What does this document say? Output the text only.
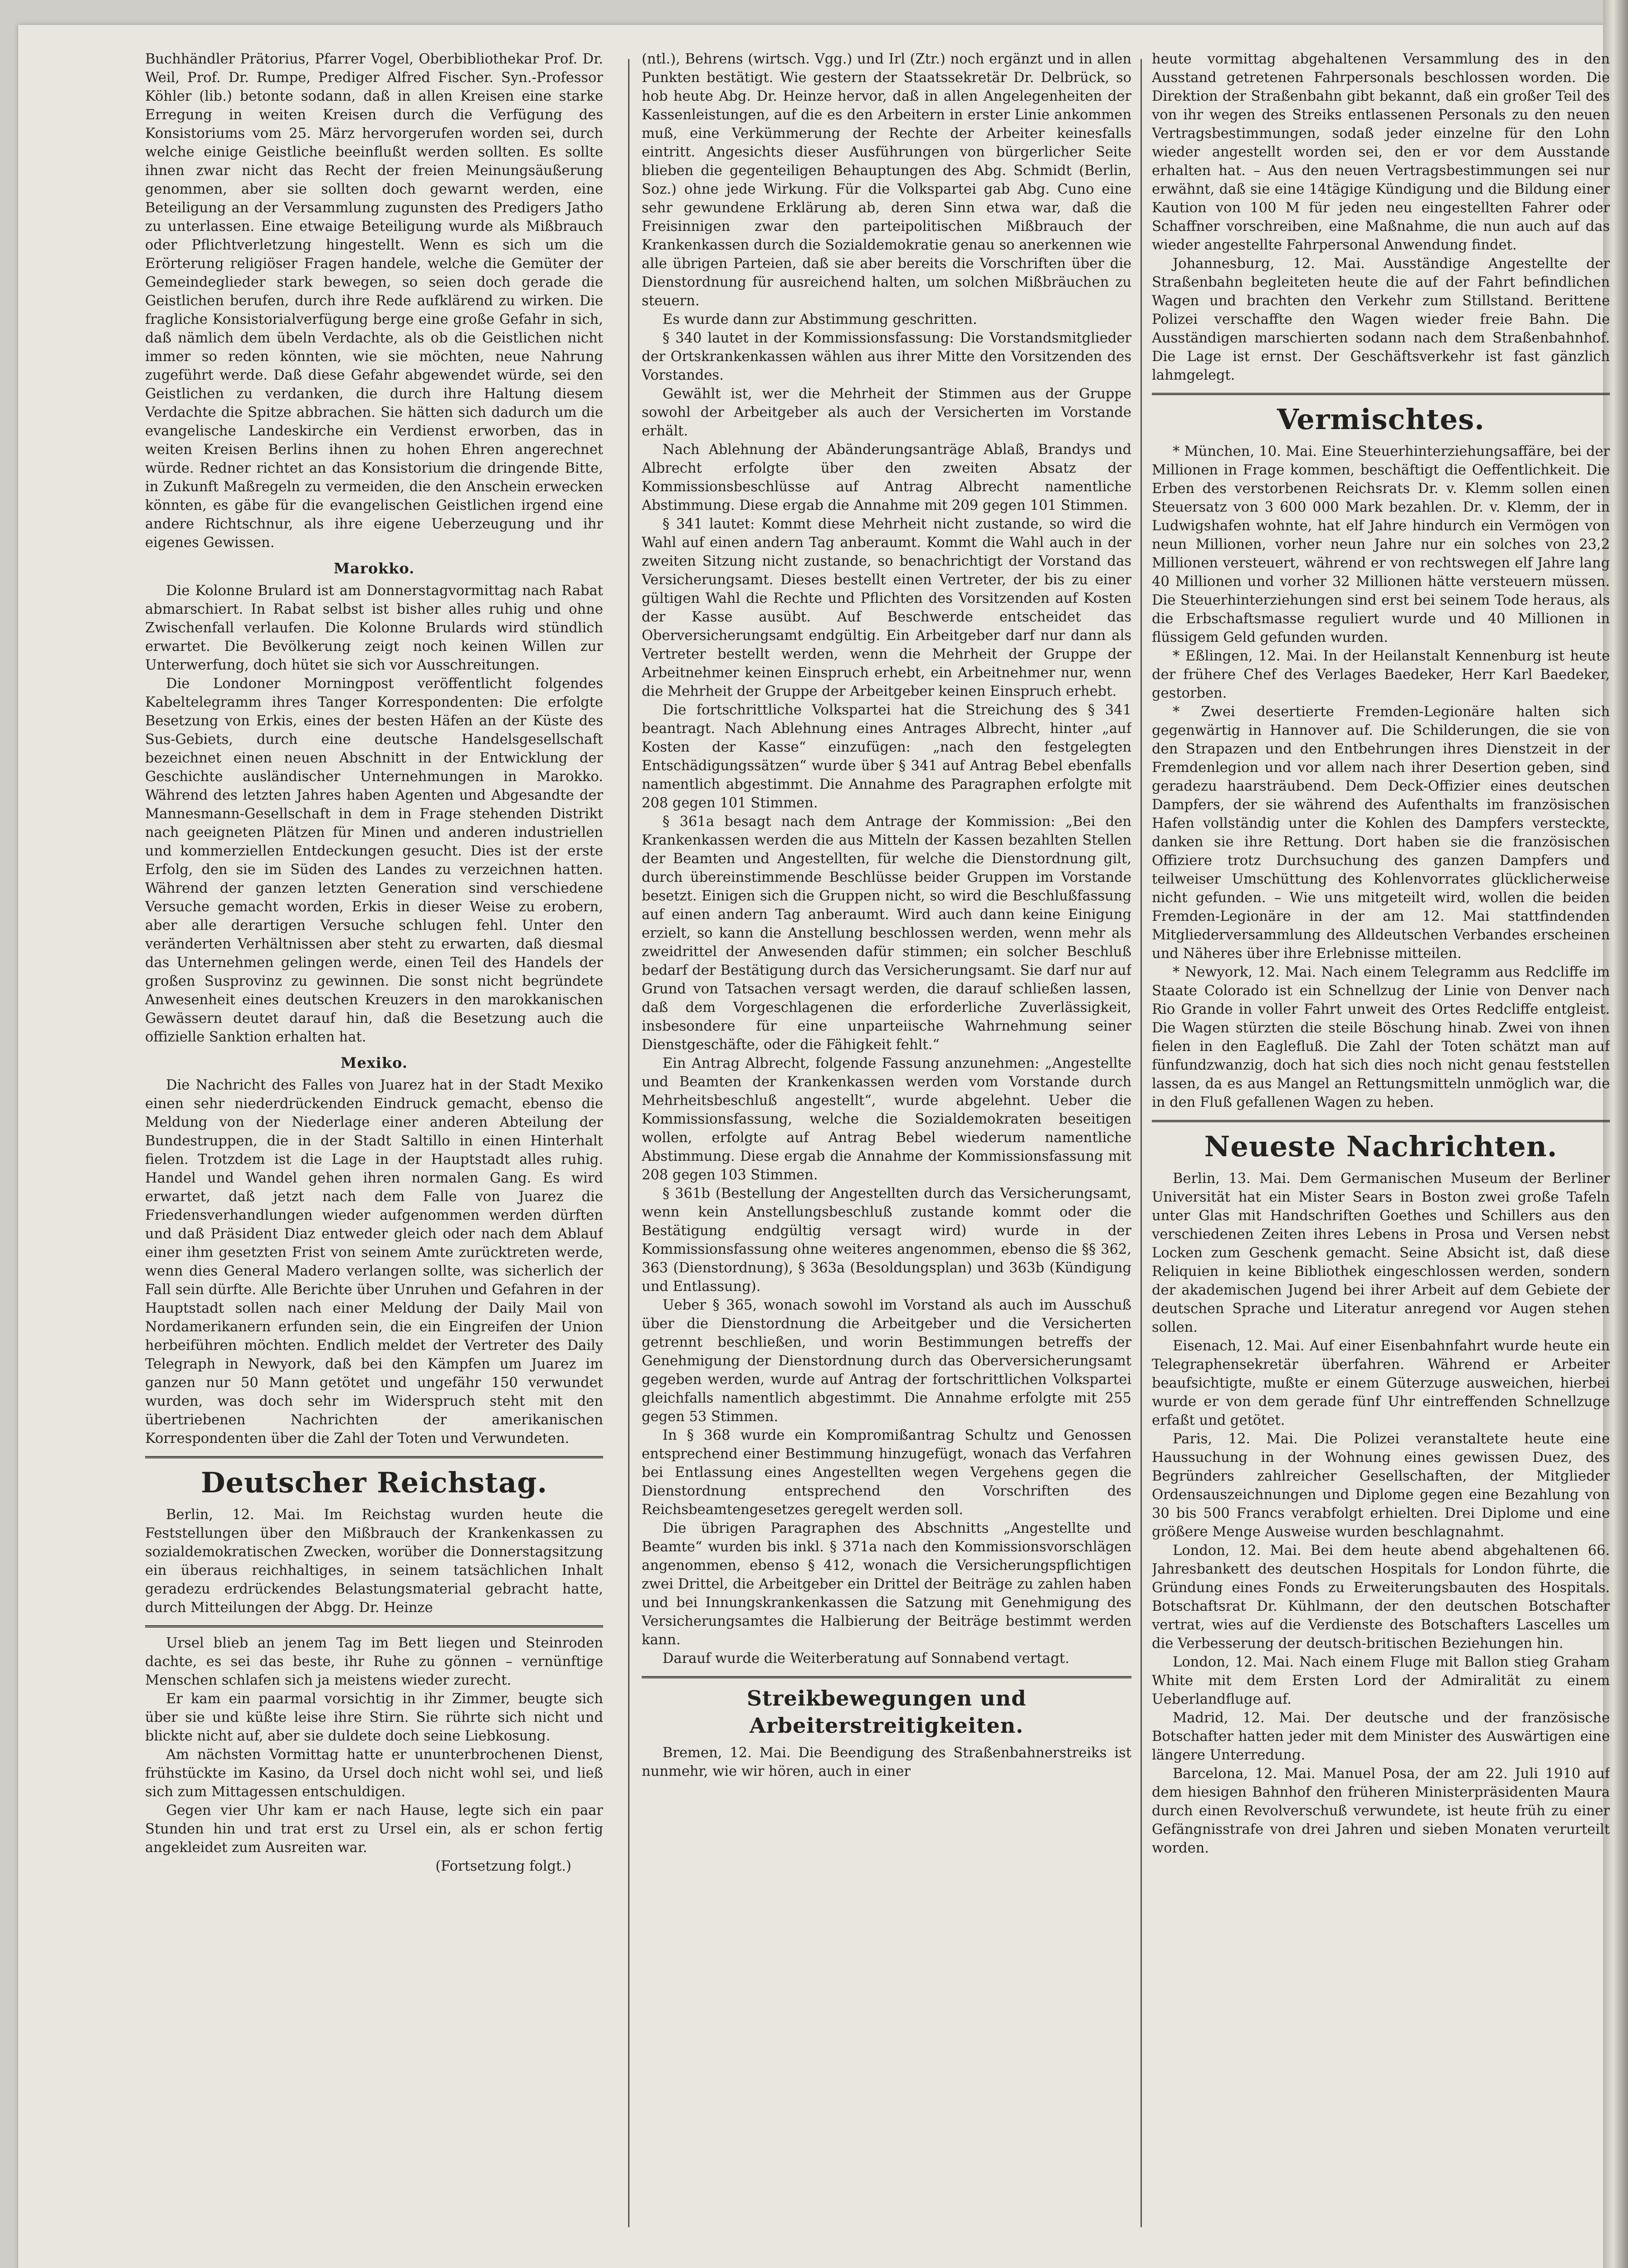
Buchhändler Prätorius, Pfarrer Vogel, Oberbibliothekar Prof. Dr. Weil, Prof. Dr. Rumpe, Prediger Alfred Fischer. Syn.-Professor Köhler (lib.) betonte sodann, daß in allen Kreisen eine starke Erregung in weiten Kreisen durch die Verfügung des Konsistoriums vom 25. März hervorgerufen worden sei, durch welche einige Geistliche beeinflußt werden sollten. Es sollte ihnen zwar nicht das Recht der freien Meinungsäußerung genommen, aber sie sollten doch gewarnt werden, eine Beteiligung an der Versammlung zugunsten des Predigers Jatho zu unterlassen. Eine etwaige Beteiligung wurde als Mißbrauch oder Pflichtverletzung hingestellt. Wenn es sich um die Erörterung religiöser Fragen handele, welche die Gemüter der Gemeindeglieder stark bewegen, so seien doch gerade die Geistlichen berufen, durch ihre Rede aufklärend zu wirken. Die fragliche Konsistorialverfügung berge eine große Gefahr in sich, daß nämlich dem übeln Verdachte, als ob die Geistlichen nicht immer so reden könnten, wie sie möchten, neue Nahrung zugeführt werde. Daß diese Gefahr abgewendet würde, sei den Geistlichen zu verdanken, die durch ihre Haltung diesem Verdachte die Spitze abbrachen. Sie hätten sich dadurch um die evangelische Landeskirche ein Verdienst erworben, das in weiten Kreisen Berlins ihnen zu hohen Ehren angerechnet würde. Redner richtet an das Konsistorium die dringende Bitte, in Zukunft Maßregeln zu vermeiden, die den Anschein erwecken könnten, es gäbe für die evangelischen Geistlichen irgend eine andere Richtschnur, als ihre eigene Ueberzeugung und ihr eigenes Gewissen.

Marokko.

Die Kolonne Brulard ist am Donnerstagvormittag nach Rabat abmarschiert. In Rabat selbst ist bisher alles ruhig und ohne Zwischenfall verlaufen. Die Kolonne Brulards wird stündlich erwartet. Die Bevölkerung zeigt noch keinen Willen zur Unterwerfung, doch hütet sie sich vor Ausschreitungen.

Die Londoner Morningpost veröffentlicht folgendes Kabeltelegramm ihres Tanger Korrespondenten: Die erfolgte Besetzung von Erkis, eines der besten Häfen an der Küste des Sus-Gebiets, durch eine deutsche Handelsgesellschaft bezeichnet einen neuen Abschnitt in der Entwicklung der Geschichte ausländischer Unternehmungen in Marokko. Während des letzten Jahres haben Agenten und Abgesandte der Mannesmann-Gesellschaft in dem in Frage stehenden Distrikt nach geeigneten Plätzen für Minen und anderen industriellen und kommerziellen Entdeckungen gesucht. Dies ist der erste Erfolg, den sie im Süden des Landes zu verzeichnen hatten. Während der ganzen letzten Generation sind verschiedene Versuche gemacht worden, Erkis in dieser Weise zu erobern, aber alle derartigen Versuche schlugen fehl. Unter den veränderten Verhältnissen aber steht zu erwarten, daß diesmal das Unternehmen gelingen werde, einen Teil des Handels der großen Susprovinz zu gewinnen. Die sonst nicht begründete Anwesenheit eines deutschen Kreuzers in den marokkanischen Gewässern deutet darauf hin, daß die Besetzung auch die offizielle Sanktion erhalten hat.

Mexiko.

Die Nachricht des Falles von Juarez hat in der Stadt Mexiko einen sehr niederdrückenden Eindruck gemacht, ebenso die Meldung von der Niederlage einer anderen Abteilung der Bundestruppen, die in der Stadt Saltillo in einen Hinterhalt fielen. Trotzdem ist die Lage in der Hauptstadt alles ruhig. Handel und Wandel gehen ihren normalen Gang. Es wird erwartet, daß jetzt nach dem Falle von Juarez die Friedensverhandlungen wieder aufgenommen werden dürften und daß Präsident Diaz entweder gleich oder nach dem Ablauf einer ihm gesetzten Frist von seinem Amte zurücktreten werde, wenn dies General Madero verlangen sollte, was sicherlich der Fall sein dürfte. Alle Berichte über Unruhen und Gefahren in der Hauptstadt sollen nach einer Meldung der Daily Mail von Nordamerikanern erfunden sein, die ein Eingreifen der Union herbeiführen möchten. Endlich meldet der Vertreter des Daily Telegraph in Newyork, daß bei den Kämpfen um Juarez im ganzen nur 50 Mann getötet und ungefähr 150 verwundet wurden, was doch sehr im Widerspruch steht mit den übertriebenen Nachrichten der amerikanischen Korrespondenten über die Zahl der Toten und Verwundeten.

Deutscher Reichstag.

Berlin, 12. Mai. Im Reichstag wurden heute die Feststellungen über den Mißbrauch der Krankenkassen zu sozialdemokratischen Zwecken, worüber die Donnerstagsitzung ein überaus reichhaltiges, in seinem tatsächlichen Inhalt geradezu erdrückendes Belastungsmaterial gebracht hatte, durch Mitteilungen der Abgg. Dr. Heinze

Ursel blieb an jenem Tag im Bett liegen und Steinroden dachte, es sei das beste, ihr Ruhe zu gönnen – vernünftige Menschen schlafen sich ja meistens wieder zurecht.

Er kam ein paarmal vorsichtig in ihr Zimmer, beugte sich über sie und küßte leise ihre Stirn. Sie rührte sich nicht und blickte nicht auf, aber sie duldete doch seine Liebkosung.

Am nächsten Vormittag hatte er ununterbrochenen Dienst, frühstückte im Kasino, da Ursel doch nicht wohl sei, und ließ sich zum Mittagessen entschuldigen.

Gegen vier Uhr kam er nach Hause, legte sich ein paar Stunden hin und trat erst zu Ursel ein, als er schon fertig angekleidet zum Ausreiten war.

(Fortsetzung folgt.)

(ntl.), Behrens (wirtsch. Vgg.) und Irl (Ztr.) noch ergänzt und in allen Punkten bestätigt. Wie gestern der Staatssekretär Dr. Delbrück, so hob heute Abg. Dr. Heinze hervor, daß in allen Angelegenheiten der Kassenleistungen, auf die es den Arbeitern in erster Linie ankommen muß, eine Verkümmerung der Rechte der Arbeiter keinesfalls eintritt. Angesichts dieser Ausführungen von bürgerlicher Seite blieben die gegenteiligen Behauptungen des Abg. Schmidt (Berlin, Soz.) ohne jede Wirkung. Für die Volkspartei gab Abg. Cuno eine sehr gewundene Erklärung ab, deren Sinn etwa war, daß die Freisinnigen zwar den parteipolitischen Mißbrauch der Krankenkassen durch die Sozialdemokratie genau so anerkennen wie alle übrigen Parteien, daß sie aber bereits die Vorschriften über die Dienstordnung für ausreichend halten, um solchen Mißbräuchen zu steuern.

Es wurde dann zur Abstimmung geschritten.

§ 340 lautet in der Kommissionsfassung: Die Vorstandsmitglieder der Ortskrankenkassen wählen aus ihrer Mitte den Vorsitzenden des Vorstandes.

Gewählt ist, wer die Mehrheit der Stimmen aus der Gruppe sowohl der Arbeitgeber als auch der Versicherten im Vorstande erhält.

Nach Ablehnung der Abänderungsanträge Ablaß, Brandys und Albrecht erfolgte über den zweiten Absatz der Kommissionsbeschlüsse auf Antrag Albrecht namentliche Abstimmung. Diese ergab die Annahme mit 209 gegen 101 Stimmen.

§ 341 lautet: Kommt diese Mehrheit nicht zustande, so wird die Wahl auf einen andern Tag anberaumt. Kommt die Wahl auch in der zweiten Sitzung nicht zustande, so benachrichtigt der Vorstand das Versicherungsamt. Dieses bestellt einen Vertreter, der bis zu einer gültigen Wahl die Rechte und Pflichten des Vorsitzenden auf Kosten der Kasse ausübt. Auf Beschwerde entscheidet das Oberversicherungsamt endgültig. Ein Arbeitgeber darf nur dann als Vertreter bestellt werden, wenn die Mehrheit der Gruppe der Arbeitnehmer keinen Einspruch erhebt, ein Arbeitnehmer nur, wenn die Mehrheit der Gruppe der Arbeitgeber keinen Einspruch erhebt.

Die fortschrittliche Volkspartei hat die Streichung des § 341 beantragt. Nach Ablehnung eines Antrages Albrecht, hinter „auf Kosten der Kasse“ einzufügen: „nach den festgelegten Entschädigungssätzen“ wurde über § 341 auf Antrag Bebel ebenfalls namentlich abgestimmt. Die Annahme des Paragraphen erfolgte mit 208 gegen 101 Stimmen.

§ 361a besagt nach dem Antrage der Kommission: „Bei den Krankenkassen werden die aus Mitteln der Kassen bezahlten Stellen der Beamten und Angestellten, für welche die Dienstordnung gilt, durch übereinstimmende Beschlüsse beider Gruppen im Vorstande besetzt. Einigen sich die Gruppen nicht, so wird die Beschlußfassung auf einen andern Tag anberaumt. Wird auch dann keine Einigung erzielt, so kann die Anstellung beschlossen werden, wenn mehr als zweidrittel der Anwesenden dafür stimmen; ein solcher Beschluß bedarf der Bestätigung durch das Versicherungsamt. Sie darf nur auf Grund von Tatsachen versagt werden, die darauf schließen lassen, daß dem Vorgeschlagenen die erforderliche Zuverlässigkeit, insbesondere für eine unparteiische Wahrnehmung seiner Dienstgeschäfte, oder die Fähigkeit fehlt.“

Ein Antrag Albrecht, folgende Fassung anzunehmen: „Angestellte und Beamten der Krankenkassen werden vom Vorstande durch Mehrheitsbeschluß angestellt“, wurde abgelehnt. Ueber die Kommissionsfassung, welche die Sozialdemokraten beseitigen wollen, erfolgte auf Antrag Bebel wiederum namentliche Abstimmung. Diese ergab die Annahme der Kommissionsfassung mit 208 gegen 103 Stimmen.

§ 361b (Bestellung der Angestellten durch das Versicherungsamt, wenn kein Anstellungsbeschluß zustande kommt oder die Bestätigung endgültig versagt wird) wurde in der Kommissionsfassung ohne weiteres angenommen, ebenso die §§ 362, 363 (Dienstordnung), § 363a (Besoldungsplan) und 363b (Kündigung und Entlassung).

Ueber § 365, wonach sowohl im Vorstand als auch im Ausschuß über die Dienstordnung die Arbeitgeber und die Versicherten getrennt beschließen, und worin Bestimmungen betreffs der Genehmigung der Dienstordnung durch das Oberversicherungsamt gegeben werden, wurde auf Antrag der fortschrittlichen Volkspartei gleichfalls namentlich abgestimmt. Die Annahme erfolgte mit 255 gegen 53 Stimmen.

In § 368 wurde ein Kompromißantrag Schultz und Genossen entsprechend einer Bestimmung hinzugefügt, wonach das Verfahren bei Entlassung eines Angestellten wegen Vergehens gegen die Dienstordnung entsprechend den Vorschriften des Reichsbeamtengesetzes geregelt werden soll.

Die übrigen Paragraphen des Abschnitts „Angestellte und Beamte“ wurden bis inkl. § 371a nach den Kommissionsvorschlägen angenommen, ebenso § 412, wonach die Versicherungspflichtigen zwei Drittel, die Arbeitgeber ein Drittel der Beiträge zu zahlen haben und bei Innungskrankenkassen die Satzung mit Genehmigung des Versicherungsamtes die Halbierung der Beiträge bestimmt werden kann.

Darauf wurde die Weiterberatung auf Sonnabend vertagt.

Streikbewegungen und Arbeiterstreitigkeiten.

Bremen, 12. Mai. Die Beendigung des Straßenbahnerstreiks ist nunmehr, wie wir hören, auch in einer

heute vormittag abgehaltenen Versammlung des in den Ausstand getretenen Fahrpersonals beschlossen worden. Die Direktion der Straßenbahn gibt bekannt, daß ein großer Teil des von ihr wegen des Streiks entlassenen Personals zu den neuen Vertragsbestimmungen, sodaß jeder einzelne für den Lohn wieder angestellt worden sei, den er vor dem Ausstande erhalten hat. – Aus den neuen Vertragsbestimmungen sei nur erwähnt, daß sie eine 14tägige Kündigung und die Bildung einer Kaution von 100 M für jeden neu eingestellten Fahrer oder Schaffner vorschreiben, eine Maßnahme, die nun auch auf das wieder angestellte Fahrpersonal Anwendung findet.

Johannesburg, 12. Mai. Ausständige Angestellte der Straßenbahn begleiteten heute die auf der Fahrt befindlichen Wagen und brachten den Verkehr zum Stillstand. Berittene Polizei verschaffte den Wagen wieder freie Bahn. Die Ausständigen marschierten sodann nach dem Straßenbahnhof. Die Lage ist ernst. Der Geschäftsverkehr ist fast gänzlich lahmgelegt.

Vermischtes.

* München, 10. Mai. Eine Steuerhinterziehungsaffäre, bei der Millionen in Frage kommen, beschäftigt die Oeffentlichkeit. Die Erben des verstorbenen Reichsrats Dr. v. Klemm sollen einen Steuersatz von 3 600 000 Mark bezahlen. Dr. v. Klemm, der in Ludwigshafen wohnte, hat elf Jahre hindurch ein Vermögen von neun Millionen, vorher neun Jahre nur ein solches von 23,2 Millionen versteuert, während er von rechtswegen elf Jahre lang 40 Millionen und vorher 32 Millionen hätte versteuern müssen. Die Steuerhinterziehungen sind erst bei seinem Tode heraus, als die Erbschaftsmasse reguliert wurde und 40 Millionen in flüssigem Geld gefunden wurden.

* Eßlingen, 12. Mai. In der Heilanstalt Kennenburg ist heute der frühere Chef des Verlages Baedeker, Herr Karl Baedeker, gestorben.

* Zwei desertierte Fremden-Legionäre halten sich gegenwärtig in Hannover auf. Die Schilderungen, die sie von den Strapazen und den Entbehrungen ihres Dienstzeit in der Fremdenlegion und vor allem nach ihrer Desertion geben, sind geradezu haarsträubend. Dem Deck-Offizier eines deutschen Dampfers, der sie während des Aufenthalts im französischen Hafen vollständig unter die Kohlen des Dampfers versteckte, danken sie ihre Rettung. Dort haben sie die französischen Offiziere trotz Durchsuchung des ganzen Dampfers und teilweiser Umschüttung des Kohlenvorrates glücklicherweise nicht gefunden. – Wie uns mitgeteilt wird, wollen die beiden Fremden-Legionäre in der am 12. Mai stattfindenden Mitgliederversammlung des Alldeutschen Verbandes erscheinen und Näheres über ihre Erlebnisse mitteilen.

* Newyork, 12. Mai. Nach einem Telegramm aus Redcliffe im Staate Colorado ist ein Schnellzug der Linie von Denver nach Rio Grande in voller Fahrt unweit des Ortes Redcliffe entgleist. Die Wagen stürzten die steile Böschung hinab. Zwei von ihnen fielen in den Eaglefluß. Die Zahl der Toten schätzt man auf fünfundzwanzig, doch hat sich dies noch nicht genau feststellen lassen, da es aus Mangel an Rettungsmitteln unmöglich war, die in den Fluß gefallenen Wagen zu heben.

Neueste Nachrichten.

Berlin, 13. Mai. Dem Germanischen Museum der Berliner Universität hat ein Mister Sears in Boston zwei große Tafeln unter Glas mit Handschriften Goethes und Schillers aus den verschiedenen Zeiten ihres Lebens in Prosa und Versen nebst Locken zum Geschenk gemacht. Seine Absicht ist, daß diese Reliquien in keine Bibliothek eingeschlossen werden, sondern der akademischen Jugend bei ihrer Arbeit auf dem Gebiete der deutschen Sprache und Literatur anregend vor Augen stehen sollen.

Eisenach, 12. Mai. Auf einer Eisenbahnfahrt wurde heute ein Telegraphensekretär überfahren. Während er Arbeiter beaufsichtigte, mußte er einem Güterzuge ausweichen, hierbei wurde er von dem gerade fünf Uhr eintreffenden Schnellzuge erfaßt und getötet.

Paris, 12. Mai. Die Polizei veranstaltete heute eine Haussuchung in der Wohnung eines gewissen Duez, des Begründers zahlreicher Gesellschaften, der Mitglieder Ordensauszeichnungen und Diplome gegen eine Bezahlung von 30 bis 500 Francs verabfolgt erhielten. Drei Diplome und eine größere Menge Ausweise wurden beschlagnahmt.

London, 12. Mai. Bei dem heute abend abgehaltenen 66. Jahresbankett des deutschen Hospitals for London führte, die Gründung eines Fonds zu Erweiterungsbauten des Hospitals. Botschaftsrat Dr. Kühlmann, der den deutschen Botschafter vertrat, wies auf die Verdienste des Botschafters Lascelles um die Verbesserung der deutsch-britischen Beziehungen hin.

London, 12. Mai. Nach einem Fluge mit Ballon stieg Graham White mit dem Ersten Lord der Admiralität zu einem Ueberlandfluge auf.

Madrid, 12. Mai. Der deutsche und der französische Botschafter hatten jeder mit dem Minister des Auswärtigen eine längere Unterredung.

Barcelona, 12. Mai. Manuel Posa, der am 22. Juli 1910 auf dem hiesigen Bahnhof den früheren Ministerpräsidenten Maura durch einen Revolverschuß verwundete, ist heute früh zu einer Gefängnisstrafe von drei Jahren und sieben Monaten verurteilt worden.
